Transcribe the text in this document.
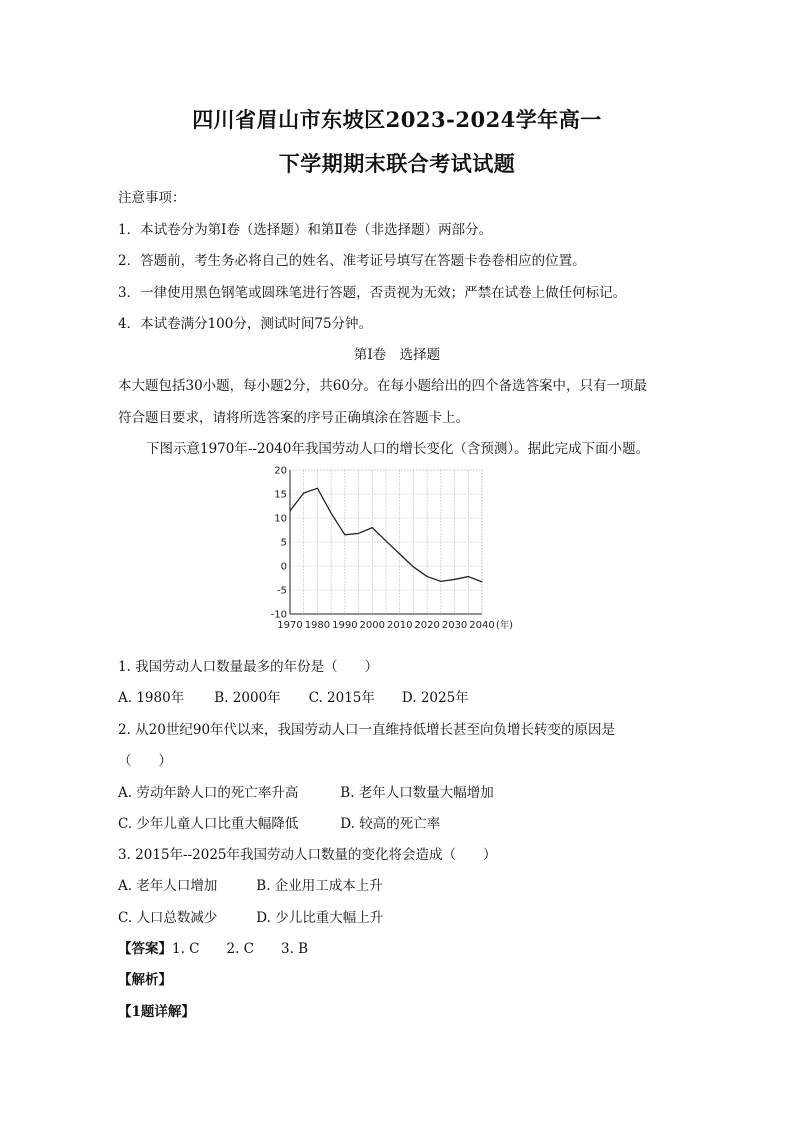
四川省眉山市东坡区2023-2024学年高一
下学期期末联合考试试题
注意事项：
1．本试卷分为第Ⅰ卷（选择题）和第Ⅱ卷（非选择题）两部分。
2．答题前，考生务必将自己的姓名、准考证号填写在答题卡卷卷相应的位置。
3．一律使用黑色钢笔或圆珠笔进行答题，否责视为无效；严禁在试卷上做任何标记。
4．本试卷满分100分，测试时间75分钟。
第Ⅰ卷　选择题
本大题包括30小题，每小题2分，共60分。在每小题给出的四个备选答案中，只有一项最
符合题目要求，请将所选答案的序号正确填涂在答题卡上。
下图示意1970年--2040年我国劳动人口的增长变化（含预测）。据此完成下面小题。
20
15
10
5
0
-5
-10
1970 1980 1990 2000 2010 2020 2030 2040 (年)
1. 我国劳动人口数量最多的年份是（　　）
A. 1980年 B. 2000年 C. 2015年 D. 2025年
2. 从20世纪90年代以来，我国劳动人口一直维持低增长甚至向负增长转变的原因是
（　　）
A. 劳动年龄人口的死亡率升高	B. 老年人口数量大幅增加
C. 少年儿童人口比重大幅降低	D. 较高的死亡率
3. 2015年--2025年我国劳动人口数量的变化将会造成（　　）
A. 老年人口增加	B. 企业用工成本上升
C. 人口总数减少	D. 少儿比重大幅上升
【答案】1. C　　2. C　　3. B
【解析】
【1题详解】
